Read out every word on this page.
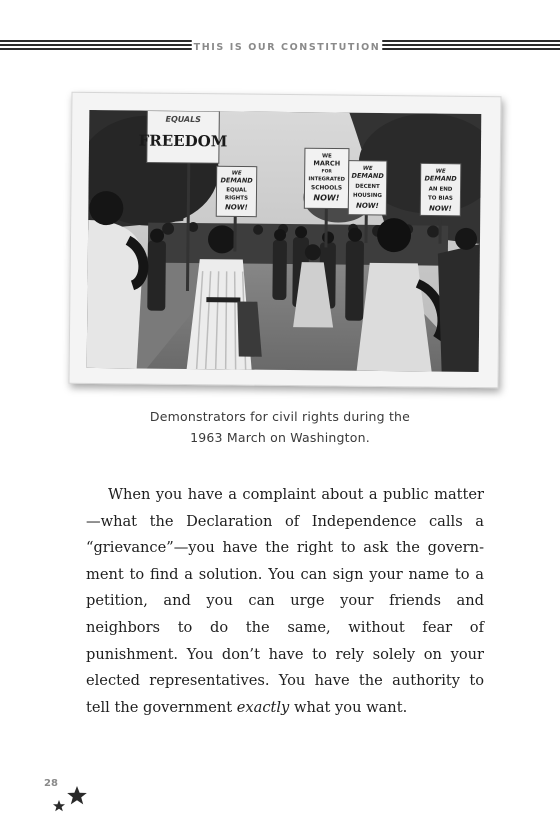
THIS IS OUR CONSTITUTION
EQUALS
FREEDOM
WE
DEMAND
EQUAL
RIGHTS
NOW!
WE
MARCH
FOR
INTEGRATED
SCHOOLS
NOW!
WE
DEMAND
DECENT
HOUSING
NOW!
WE
DEMAND
AN END
TO BIAS
NOW!
Demonstrators for civil rights during the
1963 March on Washington.

When you have a complaint about a public matter—what the Declaration of Independence calls a “grievance”—you have the right to ask the government to find a solution. You can sign your name to a petition, and you can urge your friends and neighbors to do the same, without fear of punishment. You don’t have to rely solely on your elected representatives. You have the authority to tell the government exactly what you want.

28
